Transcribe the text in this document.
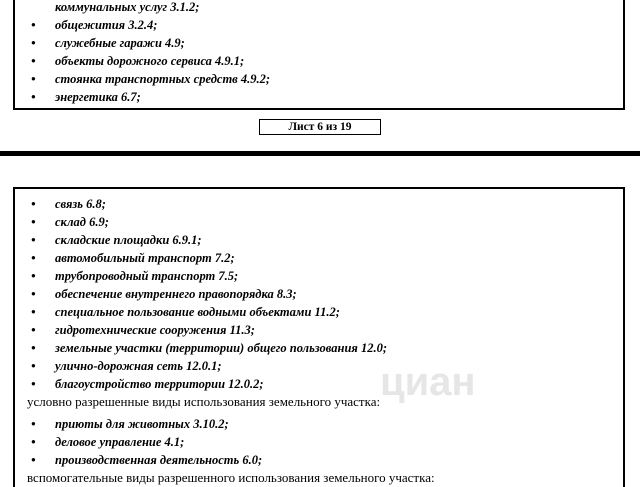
коммунальных услуг 3.1.2;
● общежития 3.2.4;
● служебные гаражи 4.9;
● объекты дорожного сервиса 4.9.1;
● стоянка транспортных средств 4.9.2;
● энергетика 6.7;
Лист 6 из 19
● связь 6.8;
● склад 6.9;
● складские площадки 6.9.1;
● автомобильный транспорт 7.2;
● трубопроводный транспорт 7.5;
● обеспечение внутреннего правопорядка 8.3;
● специальное пользование водными объектами 11.2;
● гидротехнические сооружения 11.3;
● земельные участки (территории) общего пользования 12.0;
● улично-дорожная сеть 12.0.1;
● благоустройство территории 12.0.2;
условно разрешенные виды использования земельного участка:
● приюты для животных 3.10.2;
● деловое управление 4.1;
● производственная деятельность 6.0;
вспомогательные виды разрешенного использования земельного участка:
циан
